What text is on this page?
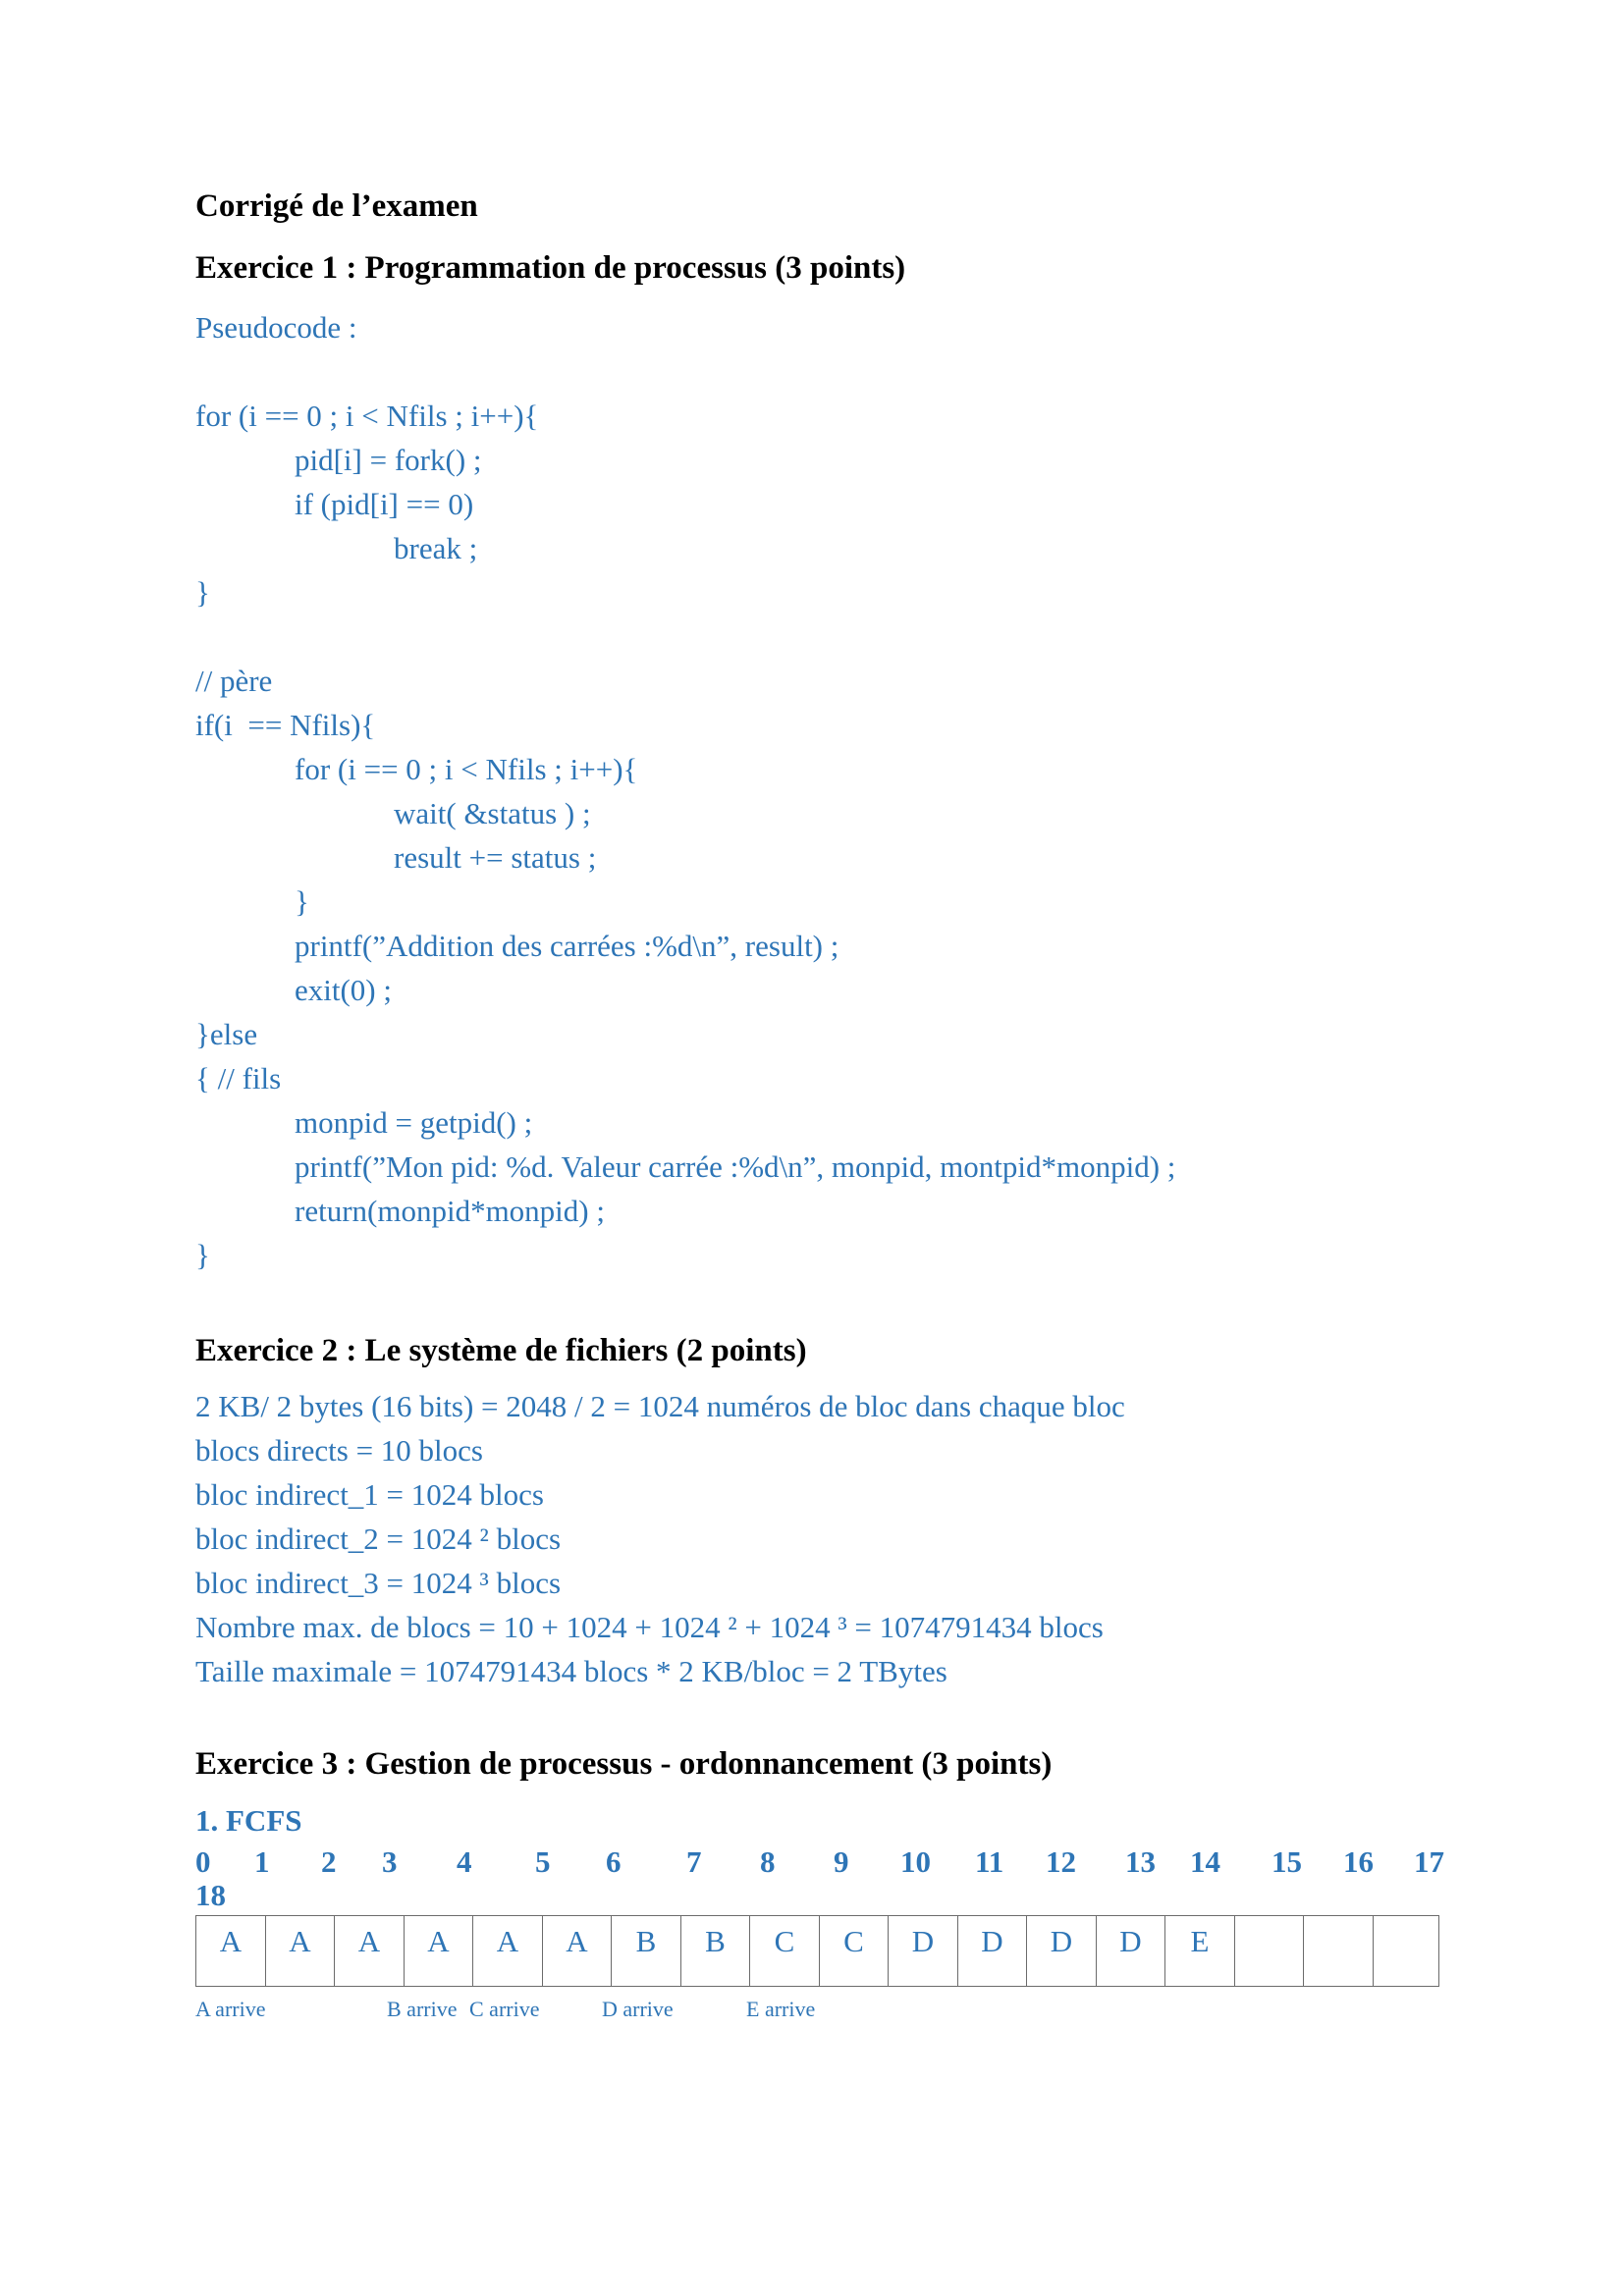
Corrigé de l’examen

Exercice 1 : Programmation de processus (3 points)

Pseudocode :

for (i == 0 ; i < Nfils ; i++){
pid[i] = fork() ;
if (pid[i] == 0)
break ;
}
// père
if(i  == Nfils){
for (i == 0 ; i < Nfils ; i++){
wait( &status ) ;
result += status ;
}
printf(”Addition des carrées :%d\n”, result) ;
exit(0) ;
}else
{ // fils
monpid = getpid() ;
printf(”Mon pid: %d. Valeur carrée :%d\n”, monpid, montpid*monpid) ;
return(monpid*monpid) ;
}

Exercice 2 : Le système de fichiers (2 points)

2 KB/ 2 bytes (16 bits) = 2048 / 2 = 1024 numéros de bloc dans chaque bloc

blocs directs = 10 blocs

bloc indirect_1 = 1024 blocs

bloc indirect_2 = 1024 ² blocs

bloc indirect_3 = 1024 ³ blocs

Nombre max. de blocs = 10 + 1024 + 1024 ² + 1024 ³ = 1074791434 blocs

Taille maximale = 1074791434 blocs * 2 KB/bloc = 2 TBytes

Exercice 3 : Gestion de processus - ordonnancement (3 points)

1. FCFS

0 1 2 3 4 5 6 7 8 9 10 11 12 13 14 15 16 17
18
A	A	A	A	A	A	B	B	C	C	D	D	D	D	E			
A arrive	B arrive C arrive	D arrive	E arrive
